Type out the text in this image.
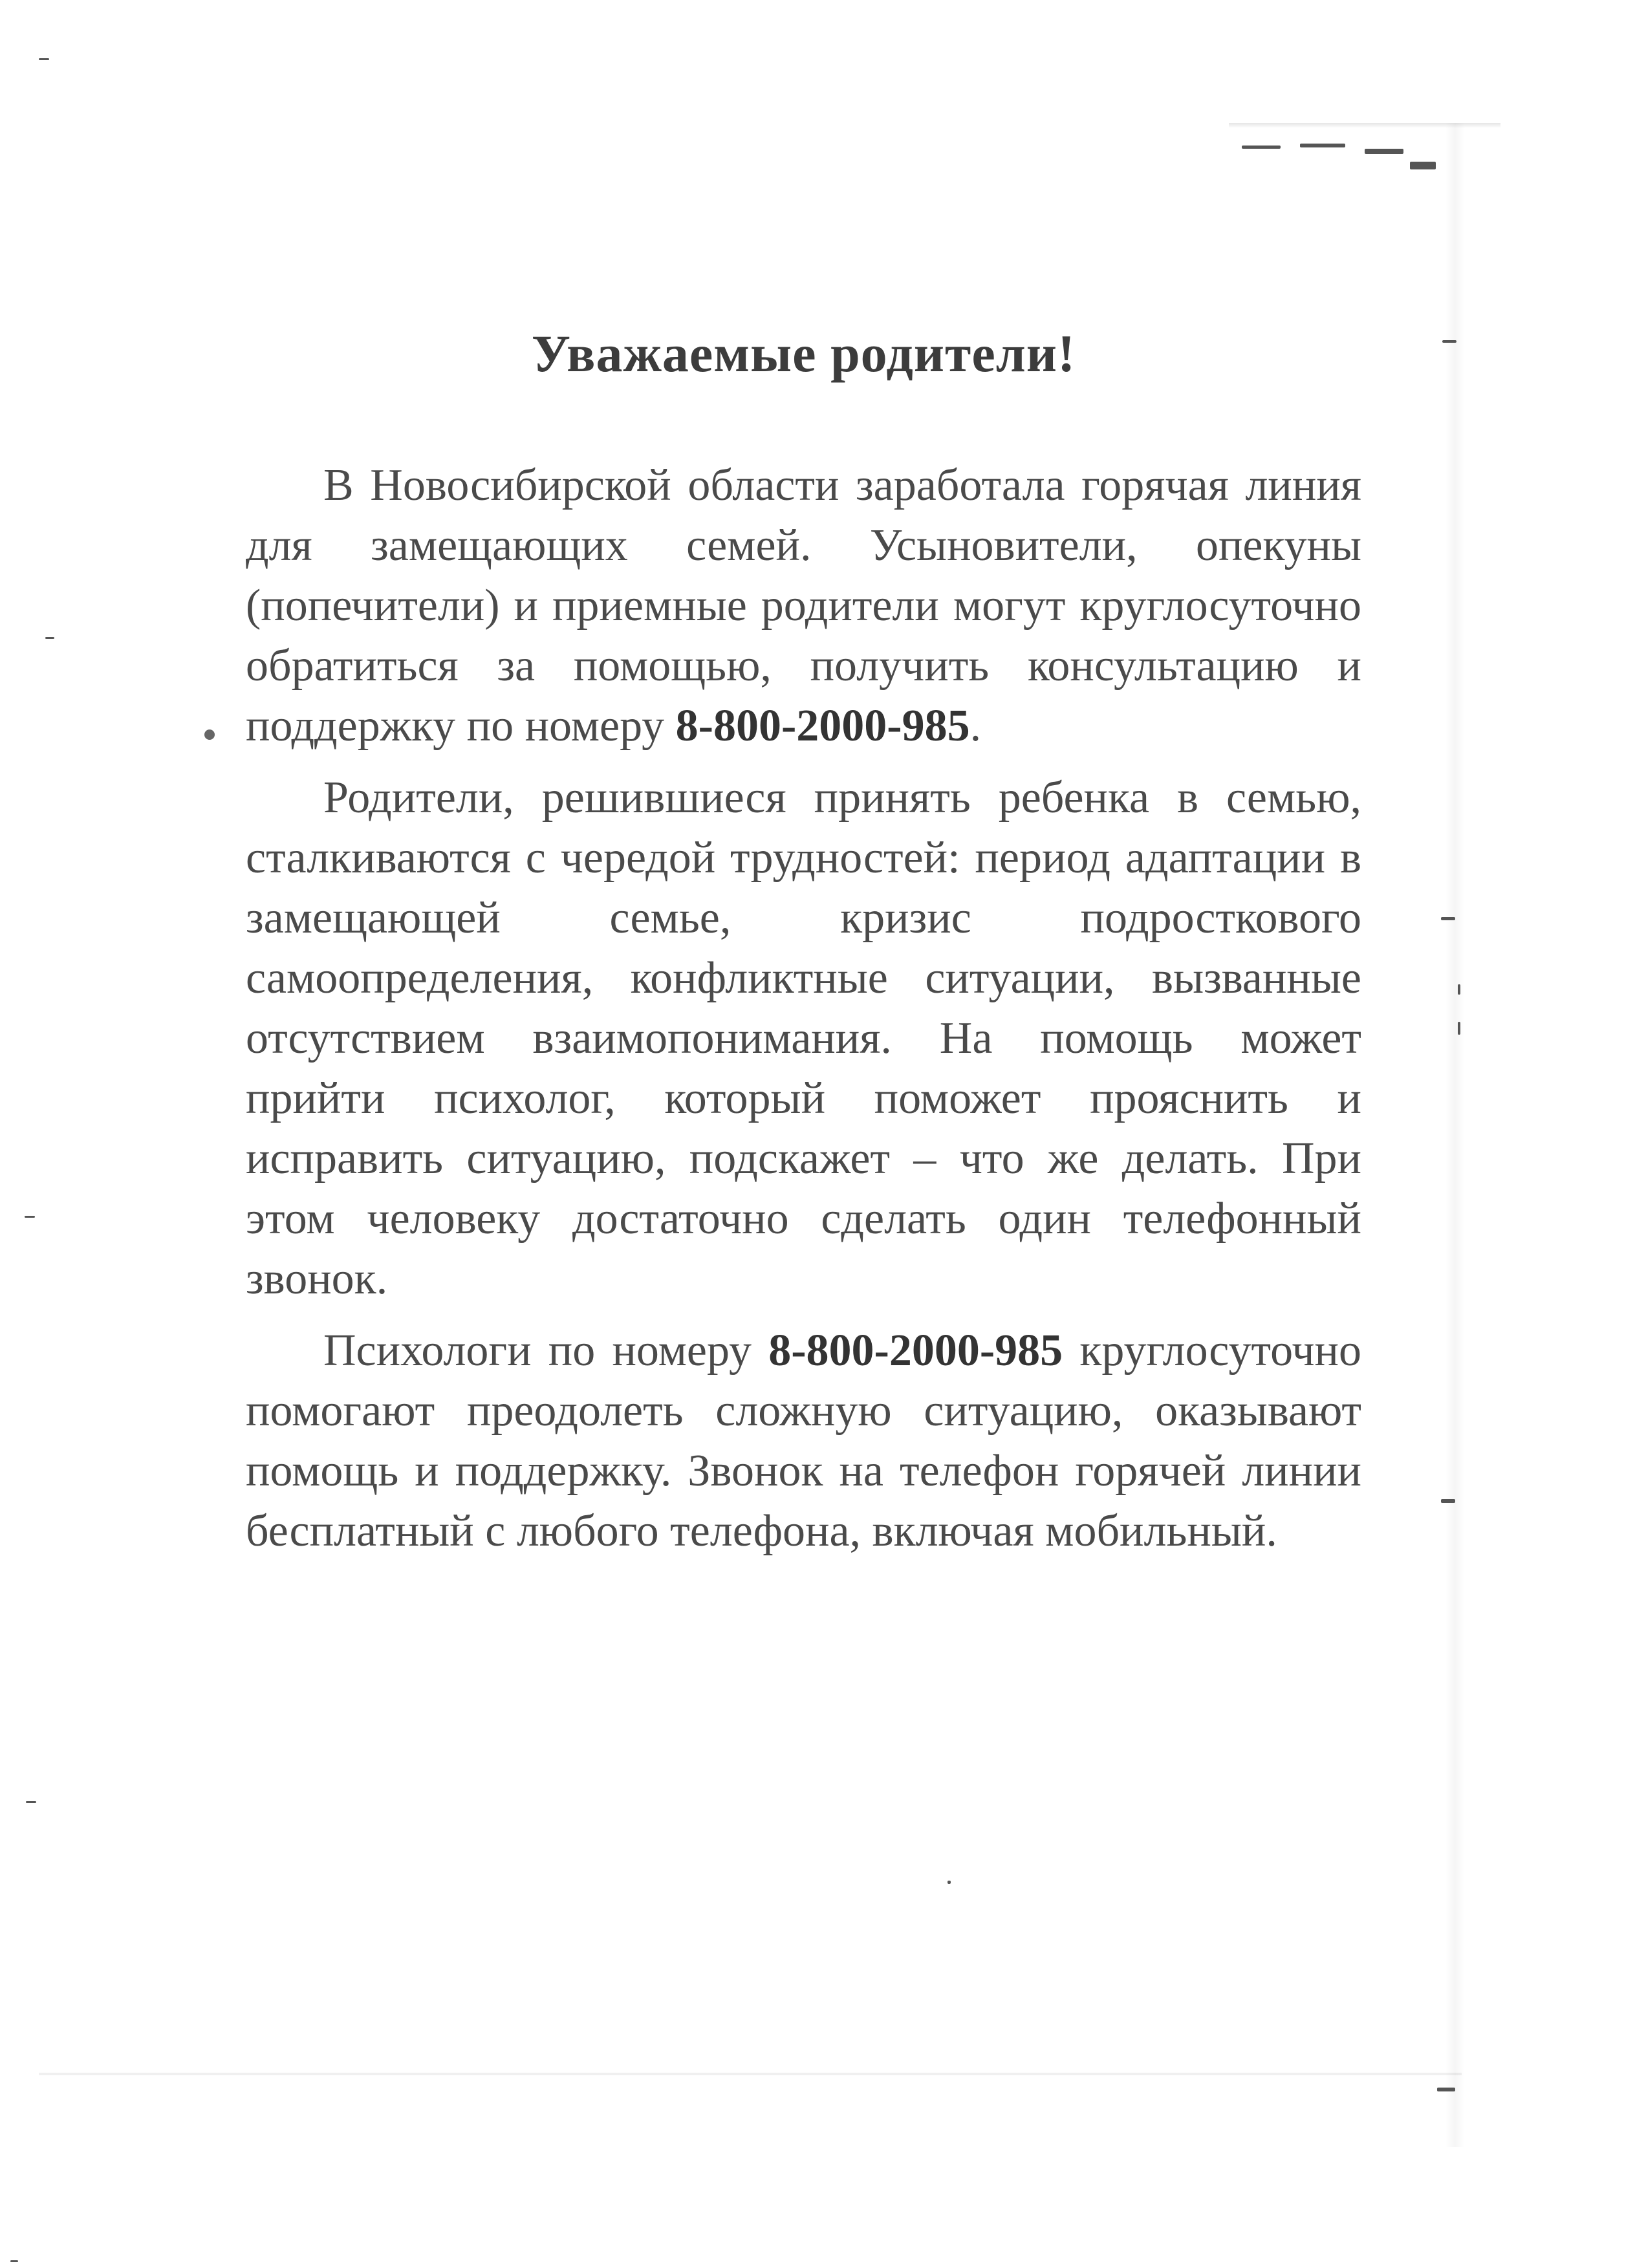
Уважаемые родители!

В Новосибирской области заработала горячая линия для замещающих семей. Усыновители, опекуны (попечители) и приемные родители могут круглосуточно обратиться за помощью, получить консультацию и поддержку по номеру 8-800-2000-985.

Родители, решившиеся принять ребенка в семью, сталкиваются с чередой трудностей: период адаптации в замещающей семье, кризис подросткового самоопределения, конфликтные ситуации, вызванные отсутствием взаимопонимания. На помощь может прийти психолог, который поможет прояснить и исправить ситуацию, подскажет – что же делать. При этом человеку достаточно сделать один телефонный звонок.

Психологи по номеру 8-800-2000-985 круглосуточно помогают преодолеть сложную ситуацию, оказывают помощь и поддержку. Звонок на телефон горячей линии бесплатный с любого телефона, включая мобильный.
